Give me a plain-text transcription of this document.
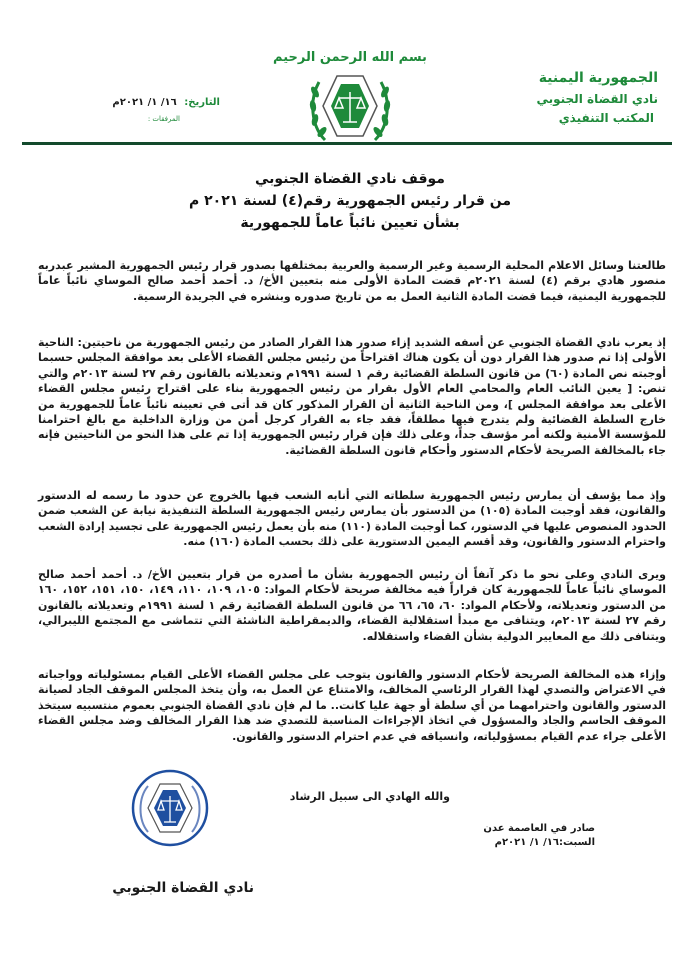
بسم الله الرحمن الرحيم
الجمهورية اليمنية
نادي القضاة الجنوبي
المكتب التنفيذي
التاريخ: ١٦/ ١/ ٢٠٢١م
المرفقات :
موقف نادي القضاة الجنوبي
من قرار رئيس الجمهورية رقم(٤) لسنة ٢٠٢١ م
بشأن تعيين نائباً عاماً للجمهورية
طالعتنا وسائل الاعلام المحلية الرسمية وغير الرسمية والعربية بمختلفها بصدور قرار رئيس الجمهورية المشير عبدربه منصور هادي برقم (٤) لسنة ٢٠٢١م قضت المادة الأولى منه بتعيين الأخ/ د. أحمد أحمد صالح الموساي نائباً عاماً للجمهورية اليمنية، فيما قضت المادة الثانية العمل به من تاريخ صدوره وبنشره في الجريدة الرسمية.
إذ يعرب نادي القضاة الجنوبي عن أسفه الشديد إزاء صدور هذا القرار الصادر من رئيس الجمهورية من ناحيتين: الناحية الأولى إذا تم صدور هذا القرار دون أن يكون هناك اقتراحاً من رئيس مجلس القضاء الأعلى بعد موافقة المجلس حسبما أوجبته نص المادة (٦٠) من قانون السلطة القضائية رقم ١ لسنة ١٩٩١م وتعديلاته بالقانون رقم ٢٧ لسنة ٢٠١٣م والتي تنص: [ يعين النائب العام والمحامي العام الأول بقرار من رئيس الجمهورية بناء على اقتراح رئيس مجلس القضاء الأعلى بعد موافقة المجلس ]، ومن الناحية الثانية أن القرار المذكور كان قد أتى في تعيينه نائباً عاماً للجمهورية من خارج السلطة القضائية ولم يتدرج فيها مطلقاً، فقد جاء به القرار كرجل أمن من وزارة الداخلية مع بالغ احترامنا للمؤسسة الأمنية ولكنه أمر مؤسف جداً، وعلى ذلك فإن قرار رئيس الجمهورية إذا تم على هذا النحو من الناحيتين فإنه جاء بالمخالفة الصريحة لأحكام الدستور وأحكام قانون السلطة القضائية.
وإذ مما يؤسف أن يمارس رئيس الجمهورية سلطاته التي أنابه الشعب فيها بالخروج عن حدود ما رسمه له الدستور والقانون، فقد أوجبت المادة (١٠٥) من الدستور بأن يمارس رئيس الجمهورية السلطة التنفيذية نيابة عن الشعب ضمن الحدود المنصوص عليها في الدستور، كما أوجبت المادة (١١٠) منه بأن يعمل رئيس الجمهورية على تجسيد إرادة الشعب واحترام الدستور والقانون، وقد أقسم اليمين الدستورية على ذلك بحسب المادة (١٦٠) منه.
ويرى النادي وعلى نحو ما ذكر آنفاً أن رئيس الجمهورية بشأن ما أصدره من قرار بتعيين الأخ/ د. أحمد أحمد صالح الموساي نائباً عاماً للجمهورية كان قراراً فيه مخالفة صريحة لأحكام المواد: ١٠٥، ١٠٩، ١١٠، ١٤٩، ١٥٠، ١٥١، ١٥٢، ١٦٠ من الدستور وتعديلاته، ولأحكام المواد: ٦٠، ٦٥، ٦٦ من قانون السلطة القضائية رقم ١ لسنة ١٩٩١م وتعديلاته بالقانون رقم ٢٧ لسنة ٢٠١٣م، ويتنافى مع مبدأ استقلالية القضاء، والديمقراطية الناشئة التي تتماشى مع المجتمع الليبرالي، ويتنافى ذلك مع المعايير الدولية بشأن القضاء واستقلاله.
وإزاء هذه المخالفة الصريحة لأحكام الدستور والقانون يتوجب على مجلس القضاء الأعلى القيام بمسئولياته وواجباته في الاعتراض والتصدي لهذا القرار الرئاسي المخالف، والامتناع عن العمل به، وأن يتخذ المجلس الموقف الجاد لصيانة الدستور والقانون واحترامهما من أي سلطة أو جهة عليا كانت.. ما لم فإن نادي القضاة الجنوبي بعموم منتسبيه سيتخذ الموقف الحاسم والجاد والمسؤول في اتخاذ الإجراءات المناسبة للتصدي ضد هذا القرار المخالف وضد مجلس القضاء الأعلى جراء عدم القيام بمسؤولياته، وانسياقه في عدم احترام الدستور والقانون.
والله الهادي الى سبيل الرشاد
صادر في العاصمة عدن
السبت:١٦/ ١/ ٢٠٢١م
نادي القضاة الجنوبي
